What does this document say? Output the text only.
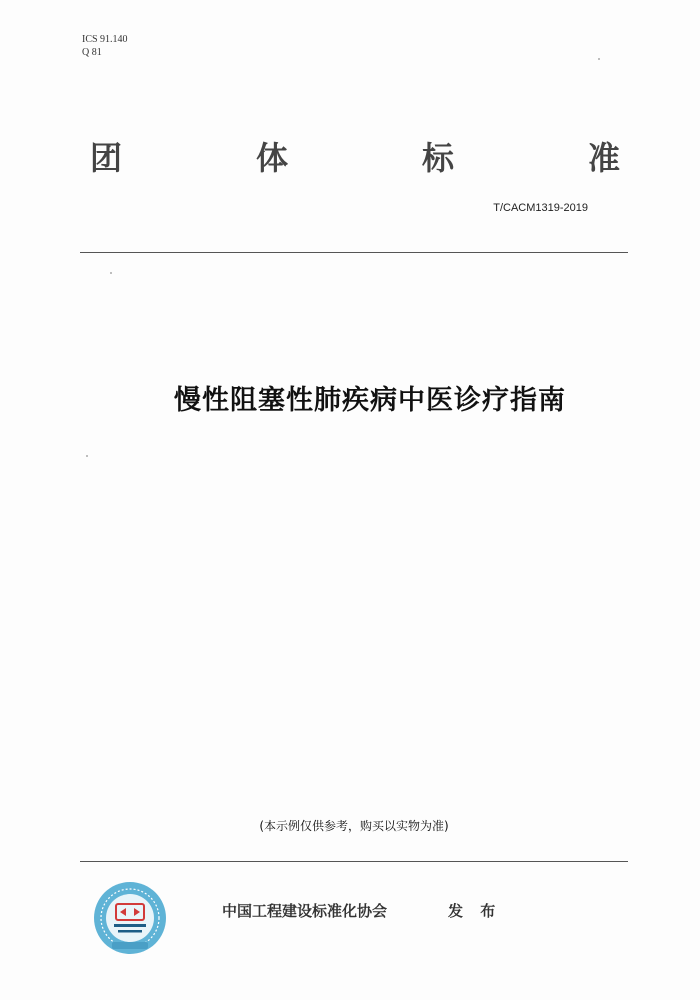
ICS 91.140
Q 81
团	体	标	准
T/CACM1319-2019
慢性阻塞性肺疾病中医诊疗指南
(本示例仅供参考，购买以实物为准)
中国工程建设标准化协会	发 布
